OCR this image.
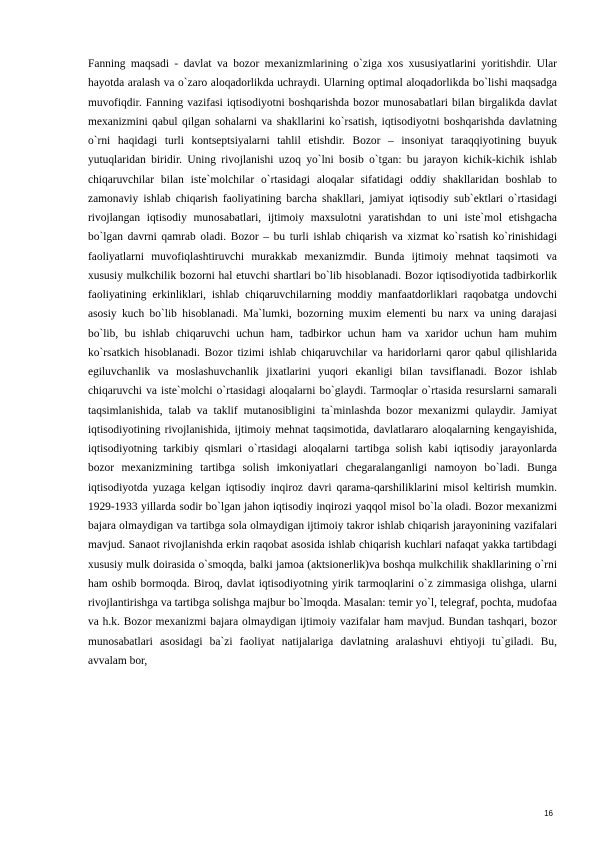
Fanning maqsadi - davlat va bozor mexanizmlarining o`ziga xos xususiyatlarini yoritishdir. Ular hayotda aralash va o`zaro aloqadorlikda uchraydi. Ularning optimal aloqadorlikda bo`lishi maqsadga muvofiqdir. Fanning vazifasi iqtisodiyotni boshqarishda bozor munosabatlari bilan birgalikda davlat mexanizmini qabul qilgan sohalarni va shakllarini ko`rsatish, iqtisodiyotni boshqarishda davlatning o`rni haqidagi turli kontseptsiyalarni tahlil etishdir. Bozor – insoniyat taraqqiyotining buyuk yutuqlaridan biridir. Uning rivojlanishi uzoq yo`lni bosib o`tgan: bu jarayon kichik-kichik ishlab chiqaruvchilar bilan iste`molchilar o`rtasidagi aloqalar sifatidagi oddiy shakllaridan boshlab to zamonaviy ishlab chiqarish faoliyatining barcha shakllari, jamiyat iqtisodiy sub`ektlari o`rtasidagi rivojlangan iqtisodiy munosabatlari, ijtimoiy maxsulotni yaratishdan to uni iste`mol etishgacha bo`lgan davrni qamrab oladi. Bozor – bu turli ishlab chiqarish va xizmat ko`rsatish ko`rinishidagi faoliyatlarni muvofiqlashtiruvchi murakkab mexanizmdir. Bunda ijtimoiy mehnat taqsimoti va xususiy mulkchilik bozorni hal etuvchi shartlari bo`lib hisoblanadi. Bozor iqtisodiyotida tadbirkorlik faoliyatining erkinliklari, ishlab chiqaruvchilarning moddiy manfaatdorliklari raqobatga undovchi asosiy kuch bo`lib hisoblanadi. Ma`lumki, bozorning muxim elementi bu narx va uning darajasi bo`lib, bu ishlab chiqaruvchi uchun ham, tadbirkor uchun ham va xaridor uchun ham muhim ko`rsatkich hisoblanadi. Bozor tizimi ishlab chiqaruvchilar va haridorlarni qaror qabul qilishlarida egiluvchanlik va moslashuvchanlik jixatlarini yuqori ekanligi bilan tavsiflanadi. Bozor ishlab chiqaruvchi va iste`molchi o`rtasidagi aloqalarni bo`glaydi. Tarmoqlar o`rtasida resurslarni samarali taqsimlanishida, talab va taklif mutanosibligini ta`minlashda bozor mexanizmi qulaydir. Jamiyat iqtisodiyotining rivojlanishida, ijtimoiy mehnat taqsimotida, davlatlararo aloqalarning kengayishida, iqtisodiyotning tarkibiy qismlari o`rtasidagi aloqalarni tartibga solish kabi iqtisodiy jarayonlarda bozor mexanizmining tartibga solish imkoniyatlari chegaralanganligi namoyon bo`ladi. Bunga iqtisodiyotda yuzaga kelgan iqtisodiy inqiroz davri qarama-qarshiliklarini misol keltirish mumkin. 1929-1933 yillarda sodir bo`lgan jahon iqtisodiy inqirozi yaqqol misol bo`la oladi. Bozor mexanizmi bajara olmaydigan va tartibga sola olmaydigan ijtimoiy takror ishlab chiqarish jarayonining vazifalari mavjud. Sanaot rivojlanishda erkin raqobat asosida ishlab chiqarish kuchlari nafaqat yakka tartibdagi xususiy mulk doirasida o`smoqda, balki jamoa (aktsionerlik)va boshqa mulkchilik shakllarining o`rni ham oshib bormoqda. Biroq, davlat iqtisodiyotning yirik tarmoqlarini o`z zimmasiga olishga, ularni rivojlantirishga va tartibga solishga majbur bo`lmoqda. Masalan: temir yo`l, telegraf, pochta, mudofaa va h.k. Bozor mexanizmi bajara olmaydigan ijtimoiy vazifalar ham mavjud. Bundan tashqari, bozor munosabatlari asosidagi ba`zi faoliyat natijalariga davlatning aralashuvi ehtiyoji tu`giladi. Bu, avvalam bor,

16
